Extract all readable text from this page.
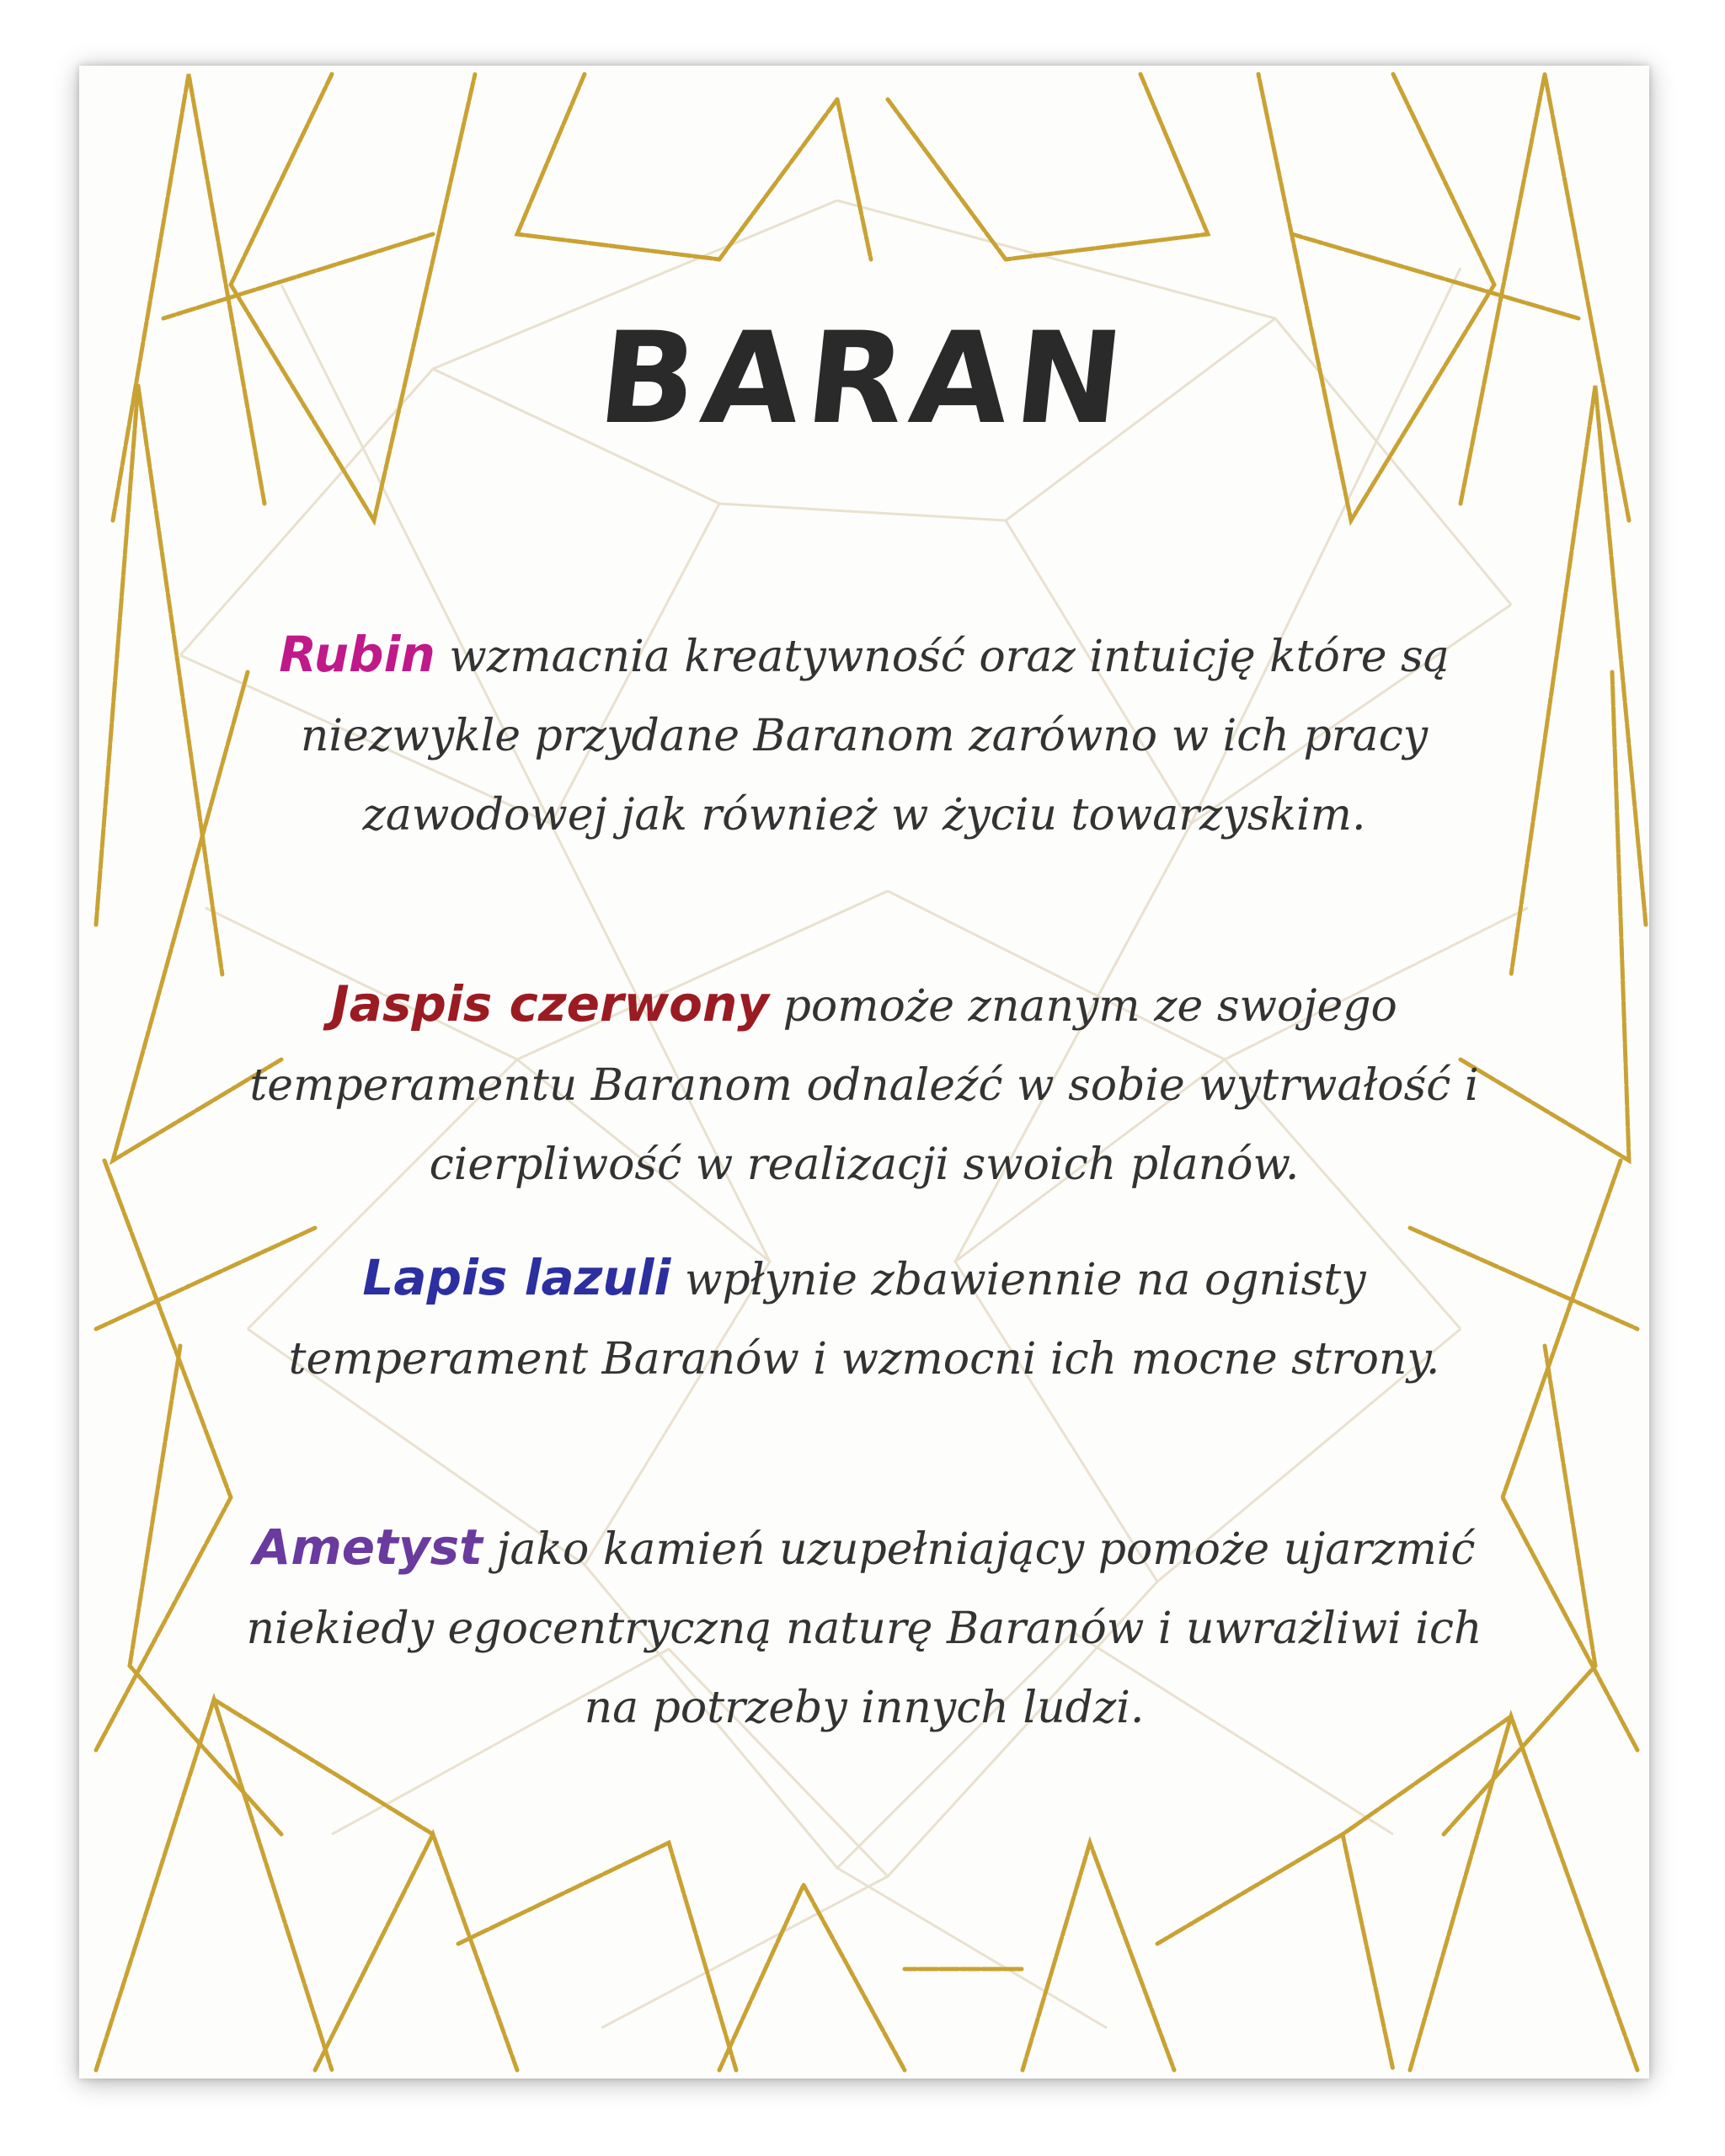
BARAN

Rubin wzmacnia kreatywność oraz intuicję które są niezwykle przydane Baranom zarówno w ich pracy zawodowej jak również w życiu towarzyskim.

Jaspis czerwony pomoże znanym ze swojego temperamentu Baranom odnaleźć w sobie wytrwałość i cierpliwość w realizacji swoich planów.

Lapis lazuli wpłynie zbawiennie na ognisty temperament Baranów i wzmocni ich mocne strony.

Ametyst jako kamień uzupełniający pomoże ujarzmić niekiedy egocentryczną naturę Baranów i uwrażliwi ich na potrzeby innych ludzi.
